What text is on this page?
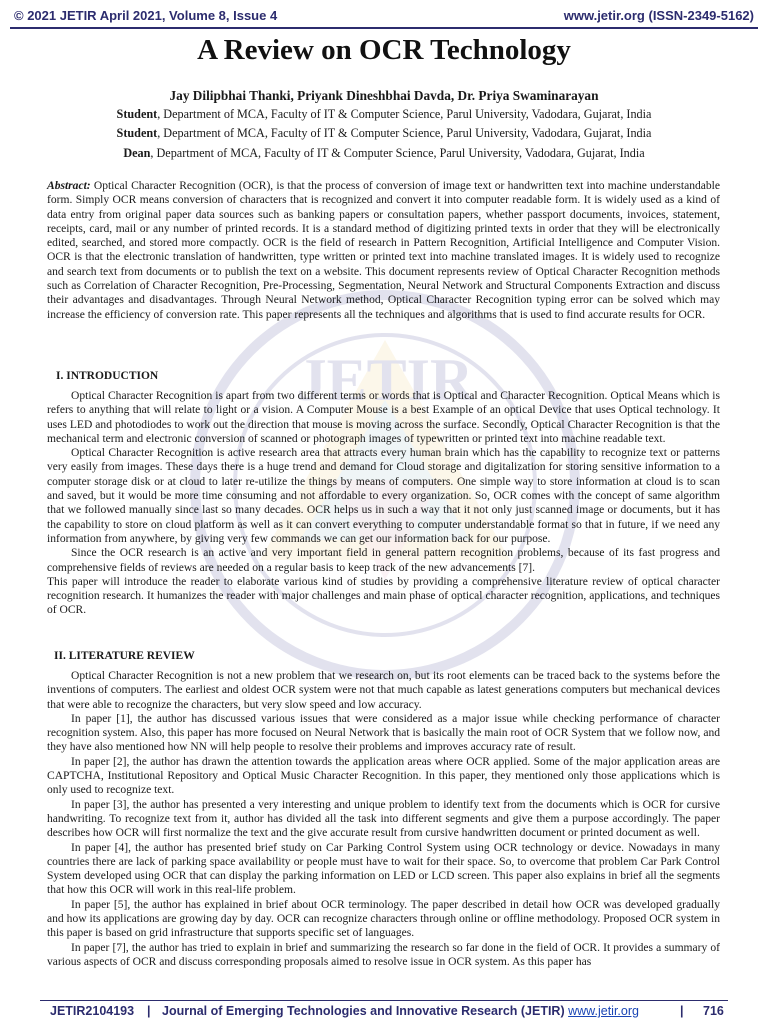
© 2021 JETIR April 2021, Volume 8, Issue 4	www.jetir.org (ISSN-2349-5162)
JETIR
A Review on OCR Technology
Jay Dilipbhai Thanki, Priyank Dineshbhai Davda, Dr. Priya Swaminarayan
Student, Department of MCA, Faculty of IT & Computer Science, Parul University, Vadodara, Gujarat, India
Student, Department of MCA, Faculty of IT & Computer Science, Parul University, Vadodara, Gujarat, India
Dean, Department of MCA, Faculty of IT & Computer Science, Parul University, Vadodara, Gujarat, India

Abstract: Optical Character Recognition (OCR), is that the process of conversion of image text or handwritten text into machine understandable form. Simply OCR means conversion of characters that is recognized and convert it into computer readable form. It is widely used as a kind of data entry from original paper data sources such as banking papers or consultation papers, whether passport documents, invoices, statement, receipts, card, mail or any number of printed records. It is a standard method of digitizing printed texts in order that they will be electronically edited, searched, and stored more compactly. OCR is the field of research in Pattern Recognition, Artificial Intelligence and Computer Vision. OCR is that the electronic translation of handwritten, type written or printed text into machine translated images. It is widely used to recognize and search text from documents or to publish the text on a website. This document represents review of Optical Character Recognition methods such as Correlation of Character Recognition, Pre-Processing, Segmentation, Neural Network and Structural Components Extraction and discuss their advantages and disadvantages. Through Neural Network method, Optical Character Recognition typing error can be solved which may increase the efficiency of conversion rate. This paper represents all the techniques and algorithms that is used to find accurate results for OCR.

I. INTRODUCTION

Optical Character Recognition is apart from two different terms or words that is Optical and Character Recognition. Optical Means which is refers to anything that will relate to light or a vision. A Computer Mouse is a best Example of an optical Device that uses Optical technology. It uses LED and photodiodes to work out the direction that mouse is moving across the surface. Secondly, Optical Character Recognition is that the mechanical term and electronic conversion of scanned or photograph images of typewritten or printed text into machine readable text.

Optical Character Recognition is active research area that attracts every human brain which has the capability to recognize text or patterns very easily from images. These days there is a huge trend and demand for Cloud storage and digitalization for storing sensitive information to a computer storage disk or at cloud to later re-utilize the things by means of computers. One simple way to store information at cloud is to scan and saved, but it would be more time consuming and not affordable to every organization. So, OCR comes with the concept of same algorithm that we followed manually since last so many decades. OCR helps us in such a way that it not only just scanned image or documents, but it has the capability to store on cloud platform as well as it can convert everything to computer understandable format so that in future, if we need any information from anywhere, by giving very few commands we can get our information back for our purpose.

Since the OCR research is an active and very important field in general pattern recognition problems, because of its fast progress and comprehensive fields of reviews are needed on a regular basis to keep track of the new advancements [7].

This paper will introduce the reader to elaborate various kind of studies by providing a comprehensive literature review of optical character recognition research. It humanizes the reader with major challenges and main phase of optical character recognition, applications, and techniques of OCR.

II. LITERATURE REVIEW

Optical Character Recognition is not a new problem that we research on, but its root elements can be traced back to the systems before the inventions of computers. The earliest and oldest OCR system were not that much capable as latest generations computers but mechanical devices that were able to recognize the characters, but very slow speed and low accuracy.

In paper [1], the author has discussed various issues that were considered as a major issue while checking performance of character recognition system. Also, this paper has more focused on Neural Network that is basically the main root of OCR System that we follow now, and they have also mentioned how NN will help people to resolve their problems and improves accuracy rate of result.

In paper [2], the author has drawn the attention towards the application areas where OCR applied. Some of the major application areas are CAPTCHA, Institutional Repository and Optical Music Character Recognition. In this paper, they mentioned only those applications which is only used to recognize text.

In paper [3], the author has presented a very interesting and unique problem to identify text from the documents which is OCR for cursive handwriting. To recognize text from it, author has divided all the task into different segments and give them a purpose accordingly. The paper describes how OCR will first normalize the text and the give accurate result from cursive handwritten document or printed document as well.

In paper [4], the author has presented brief study on Car Parking Control System using OCR technology or device. Nowadays in many countries there are lack of parking space availability or people must have to wait for their space. So, to overcome that problem Car Park Control System developed using OCR that can display the parking information on LED or LCD screen. This paper also explains in brief all the segments that how this OCR will work in this real-life problem.

In paper [5], the author has explained in brief about OCR terminology. The paper described in detail how OCR was developed gradually and how its applications are growing day by day. OCR can recognize characters through online or offline methodology. Proposed OCR system in this paper is based on grid infrastructure that supports specific set of languages.

In paper [7], the author has tried to explain in brief and summarizing the research so far done in the field of OCR. It provides a summary of various aspects of OCR and discuss corresponding proposals aimed to resolve issue in OCR system. As this paper has

JETIR2104193 | Journal of Emerging Technologies and Innovative Research (JETIR) www.jetir.org	| 716
